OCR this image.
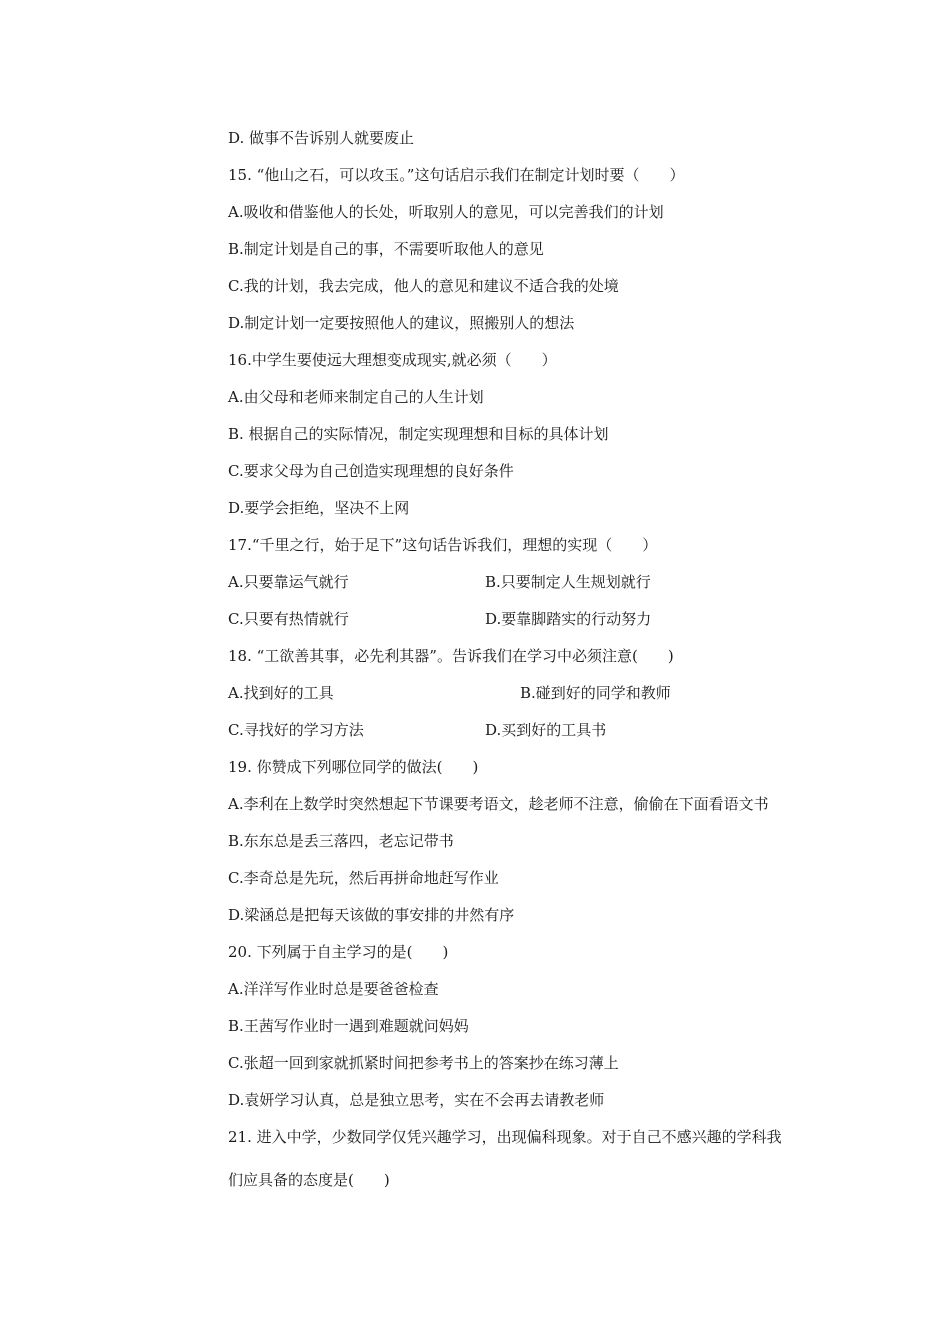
D. 做事不告诉别人就要废止
15. “他山之石，可以攻玉。”这句话启示我们在制定计划时要（　　）
A.吸收和借鉴他人的长处，听取别人的意见，可以完善我们的计划
B.制定计划是自己的事，不需要听取他人的意见
C.我的计划，我去完成，他人的意见和建议不适合我的处境
D.制定计划一定要按照他人的建议，照搬别人的想法
16.中学生要使远大理想变成现实,就必须（　　）
A.由父母和老师来制定自己的人生计划
B. 根据自己的实际情况，制定实现理想和目标的具体计划
C.要求父母为自己创造实现理想的良好条件
D.要学会拒绝，坚决不上网
17.“千里之行，始于足下”这句话告诉我们，理想的实现（　　）
A.只要靠运气就行	B.只要制定人生规划就行
C.只要有热情就行	D.要靠脚踏实的行动努力
18. “工欲善其事，必先利其器”。告诉我们在学习中必须注意(　　)
A.找到好的工具	B.碰到好的同学和教师
C.寻找好的学习方法	D.买到好的工具书
19. 你赞成下列哪位同学的做法(　　)
A.李利在上数学时突然想起下节课要考语文，趁老师不注意，偷偷在下面看语文书
B.东东总是丢三落四，老忘记带书
C.李奇总是先玩，然后再拼命地赶写作业
D.梁涵总是把每天该做的事安排的井然有序
20. 下列属于自主学习的是(　　)
A.洋洋写作业时总是要爸爸检查
B.王茜写作业时一遇到难题就问妈妈
C.张超一回到家就抓紧时间把参考书上的答案抄在练习薄上
D.袁妍学习认真，总是独立思考，实在不会再去请教老师
21. 进入中学，少数同学仅凭兴趣学习，出现偏科现象。对于自己不感兴趣的学科我
们应具备的态度是(　　)
